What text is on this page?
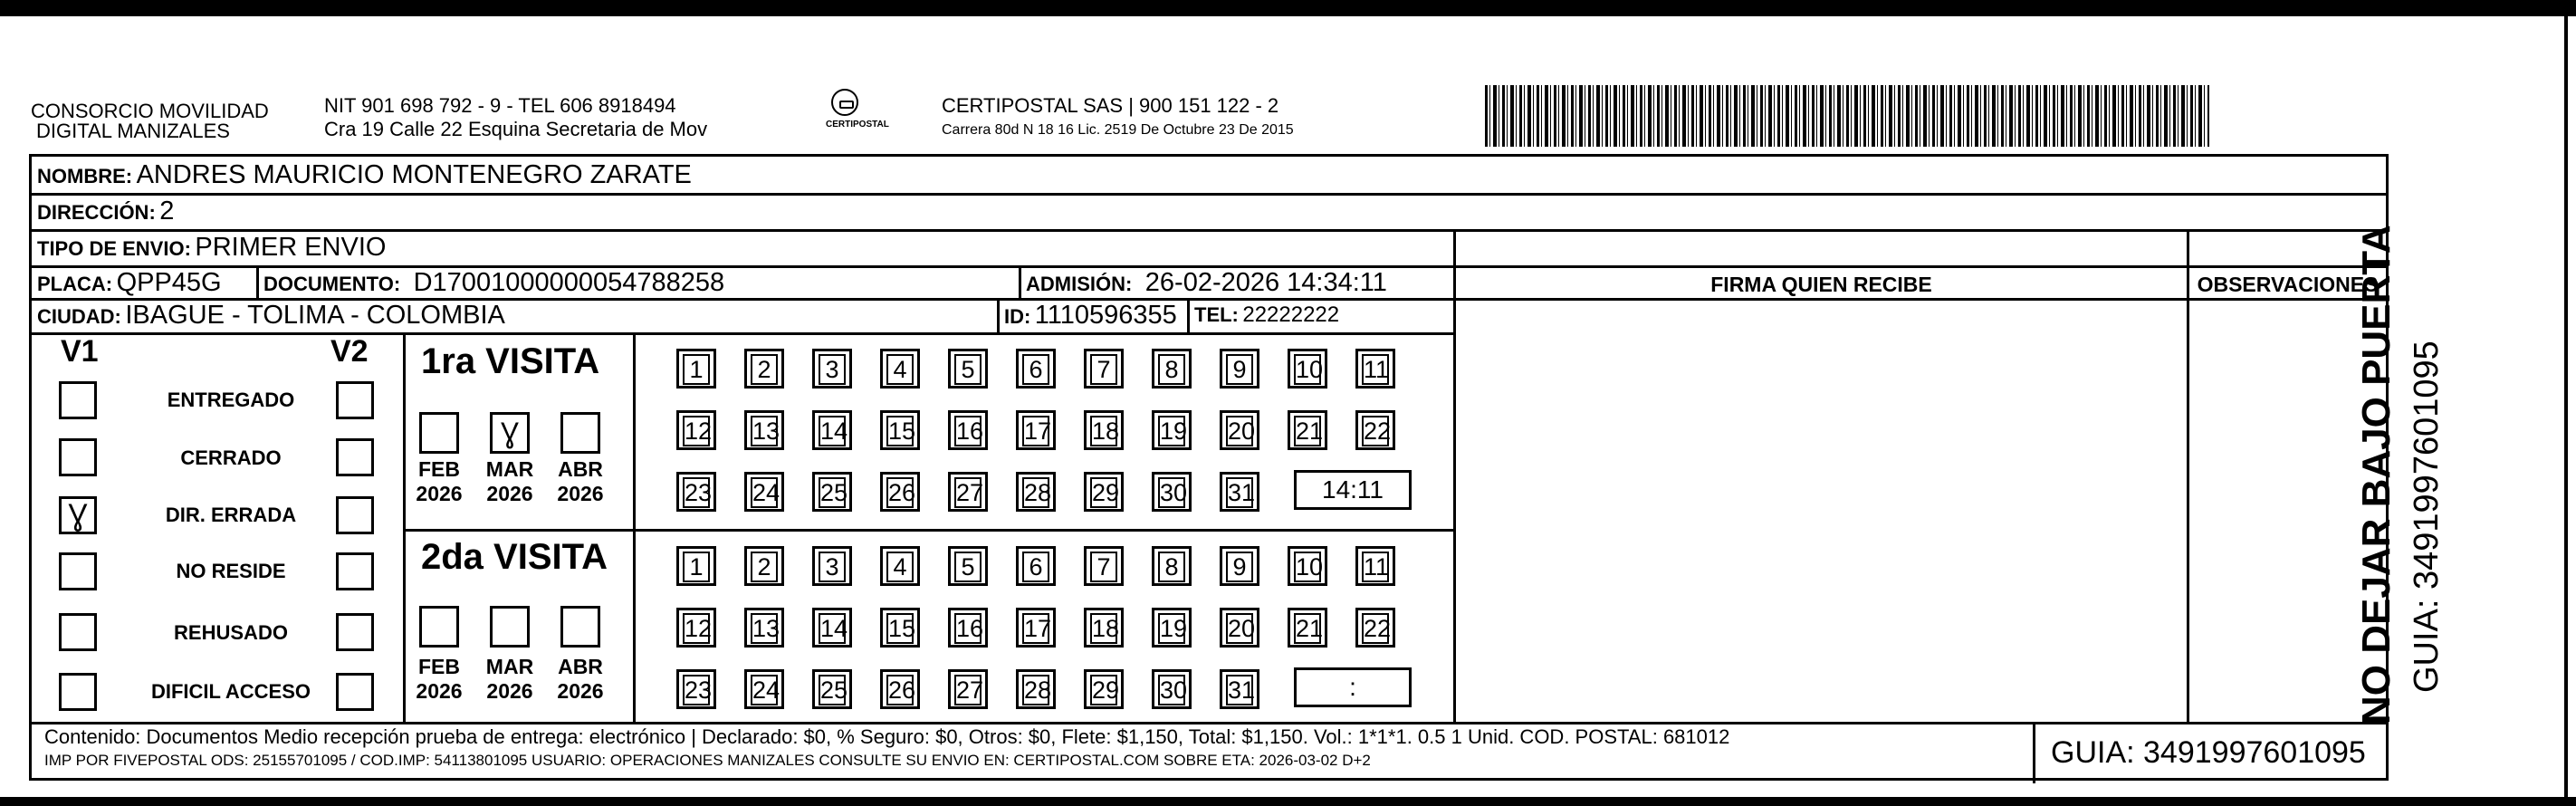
CONSORCIO MOVILIDAD
DIGITAL MANIZALES
NIT 901 698 792 - 9 - TEL 606 8918494
Cra 19 Calle 22 Esquina Secretaria de Mov	CERTIPOSTAL
CERTIPOSTAL SAS | 900 151 122 - 2
Carrera 80d N 18 16 Lic. 2519 De Octubre 23 De 2015
NOMBRE: ANDRES MAURICIO MONTENEGRO ZARATE
DIRECCIÓN: 2
TIPO DE ENVIO: PRIMER ENVIO
FIRMA QUIEN RECIBE	OBSERVACIONES
PLACA: QPP45G DOCUMENTO: D17001000000054788258	ADMISIÓN: 26-02-2026 14:34:11
CIUDAD: IBAGUE - TOLIMA - COLOMBIA	ID: 1110596355 TEL: 22222222
V1	V2
ENTREGADO
CERRADO
DIR. ERRADA
NO RESIDE
REHUSADO
DIFICIL ACCESO
Ɣ
1ra VISITA
Ɣ
FEB
2026
MAR
2026
ABR
2026
1 2 3 4 5 6 7 8 9 10 11
12 13 14 15 16 17 18 19 20 21 22
23 24 25 26 27 28 29 30 31	14:11
2da VISITA
FEB
2026
MAR
2026
ABR
2026
1 2 3 4 5 6 7 8 9 10 11
12 13 14 15 16 17 18 19 20 21 22
23 24 25 26 27 28 29 30 31	:
Contenido: Documentos Medio recepción prueba de entrega: electrónico | Declarado: $0, % Seguro: $0, Otros: $0, Flete: $1,150, Total: $1,150. Vol.: 1*1*1. 0.5 1 Unid. COD. POSTAL: 681012
IMP POR FIVEPOSTAL ODS: 25155701095 / COD.IMP: 54113801095 USUARIO: OPERACIONES MANIZALES CONSULTE SU ENVIO EN: CERTIPOSTAL.COM SOBRE ETA: 2026-03-02 D+2	GUIA: 3491997601095
NO DEJAR BAJO PUERTA GUIA: 3491997601095
